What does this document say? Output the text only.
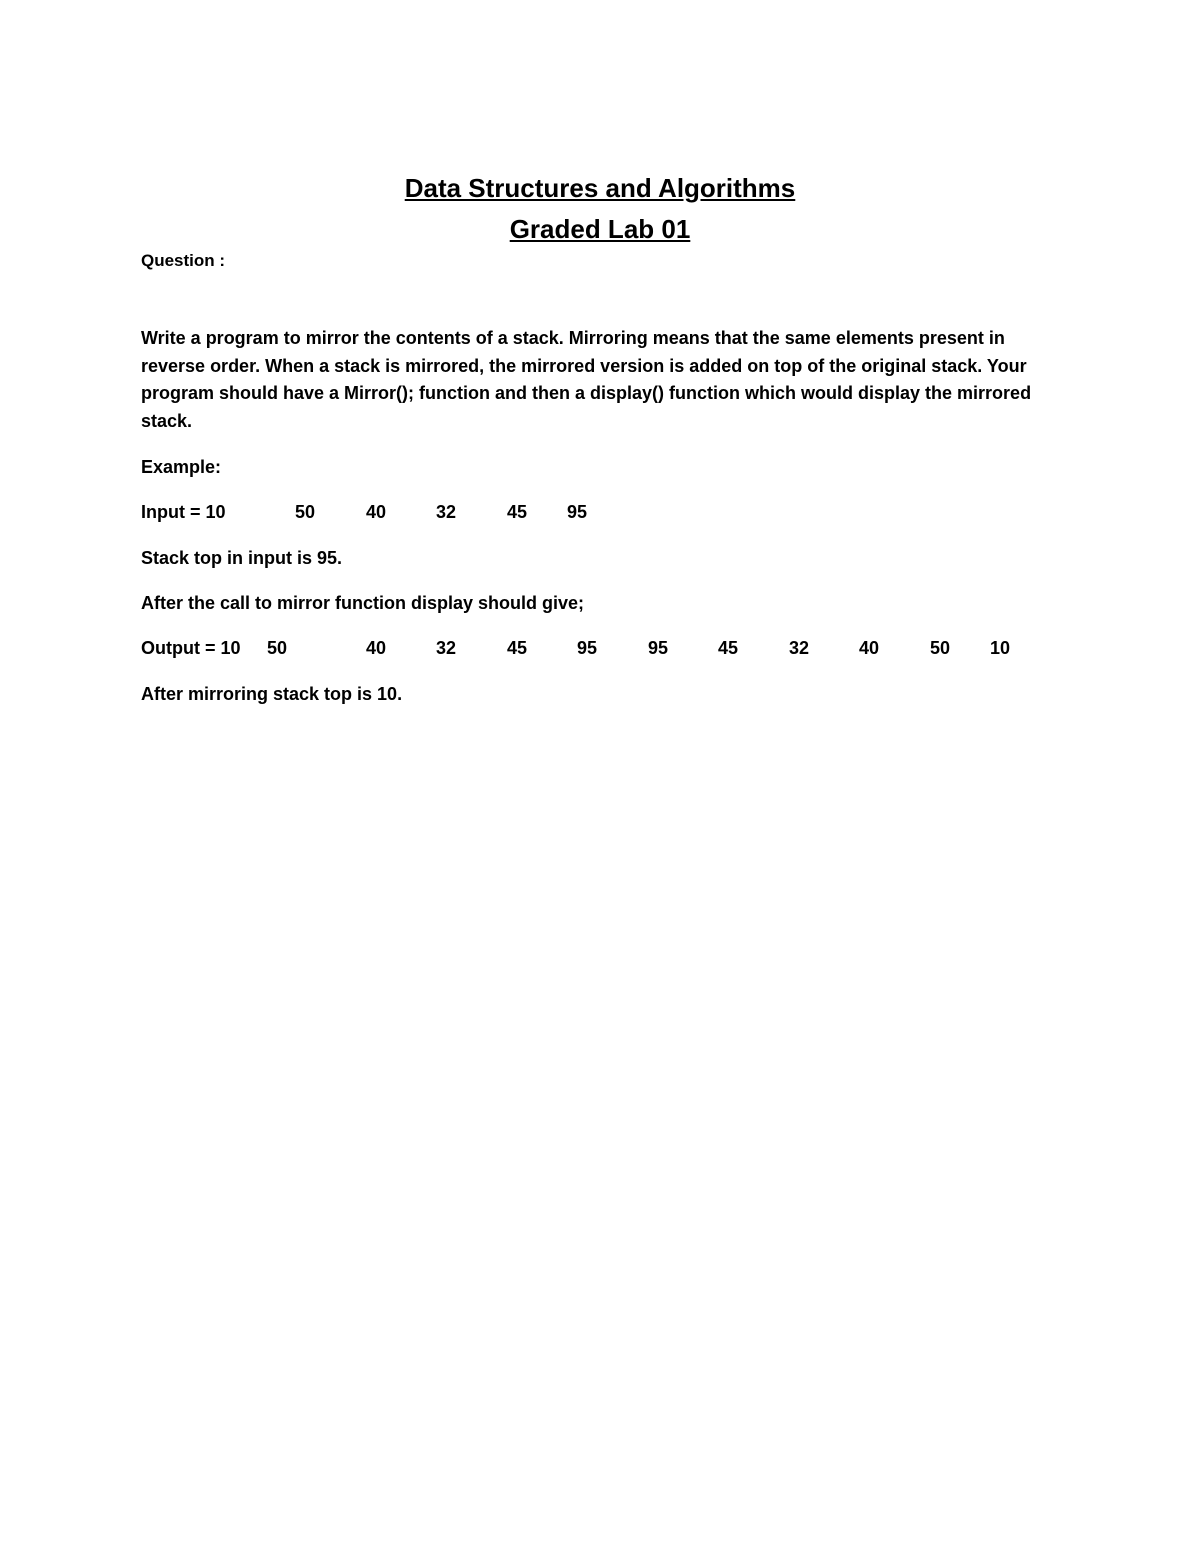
Data Structures and Algorithms
Graded Lab 01
Question :

Write a program to mirror the contents of a stack. Mirroring means that the same elements present in reverse order. When a stack is mirrored, the mirrored version is added on top of the original stack. Your program should have a Mirror(); function and then a display() function which would display the mirrored stack.

Example:
Input = 10	50	40	32	45 95
Stack top in input is 95.
After the call to mirror function display should give;
Output = 10 50	40	32	45	95	95	45	32	40	50 10
After mirroring stack top is 10.
